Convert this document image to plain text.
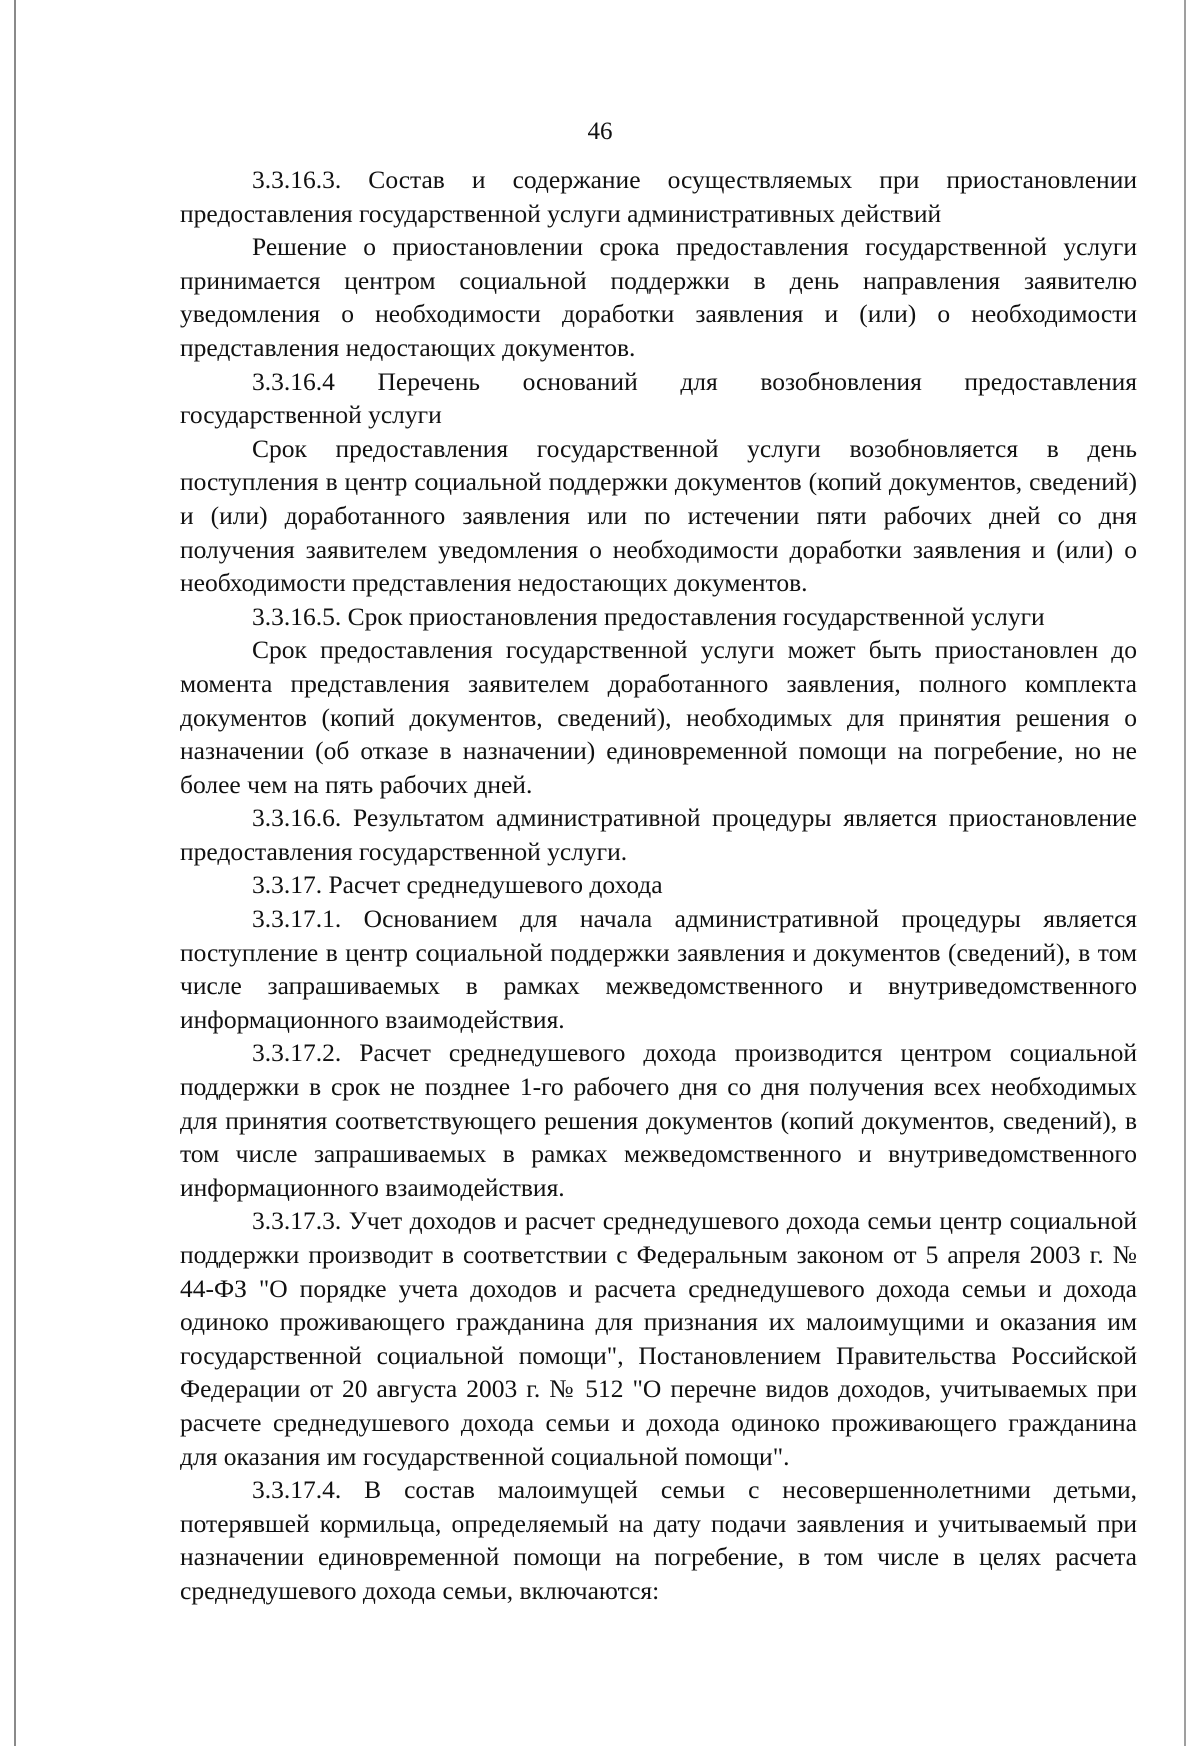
46

3.3.16.3. Состав и содержание осуществляемых при приостановлении предоставления государственной услуги административных действий

Решение о приостановлении срока предоставления государственной услуги принимается центром социальной поддержки в день направления заявителю уведомления о необходимости доработки заявления и (или) о необходимости представления недостающих документов.

3.3.16.4 Перечень оснований для возобновления предоставления государственной услуги

Срок предоставления государственной услуги возобновляется в день поступления в центр социальной поддержки документов (копий документов, сведений) и (или) доработанного заявления или по истечении пяти рабочих дней со дня получения заявителем уведомления о необходимости доработки заявления и (или) о необходимости представления недостающих документов.

3.3.16.5. Срок приостановления предоставления государственной услуги

Срок предоставления государственной услуги может быть приостановлен до момента представления заявителем доработанного заявления, полного комплекта документов (копий документов, сведений), необходимых для принятия решения о назначении (об отказе в назначении) единовременной помощи на погребение, но не более чем на пять рабочих дней.

3.3.16.6. Результатом административной процедуры является приостановление предоставления государственной услуги.

3.3.17. Расчет среднедушевого дохода

3.3.17.1. Основанием для начала административной процедуры является поступление в центр социальной поддержки заявления и документов (сведений), в том числе запрашиваемых в рамках межведомственного и внутриведомственного информационного взаимодействия.

3.3.17.2. Расчет среднедушевого дохода производится центром социальной поддержки в срок не позднее 1-го рабочего дня со дня получения всех необходимых для принятия соответствующего решения документов (копий документов, сведений), в том числе запрашиваемых в рамках межведомственного и внутриведомственного информационного взаимодействия.

3.3.17.3. Учет доходов и расчет среднедушевого дохода семьи центр социальной поддержки производит в соответствии с Федеральным законом от 5 апреля 2003 г. № 44-ФЗ "О порядке учета доходов и расчета среднедушевого дохода семьи и дохода одиноко проживающего гражданина для признания их малоимущими и оказания им государственной социальной помощи", Постановлением Правительства Российской Федерации от 20 августа 2003 г. № 512 "О перечне видов доходов, учитываемых при расчете среднедушевого дохода семьи и дохода одиноко проживающего гражданина для оказания им государственной социальной помощи".

3.3.17.4. В состав малоимущей семьи с несовершеннолетними детьми, потерявшей кормильца, определяемый на дату подачи заявления и учитываемый при назначении единовременной помощи на погребение, в том числе в целях расчета среднедушевого дохода семьи, включаются:
